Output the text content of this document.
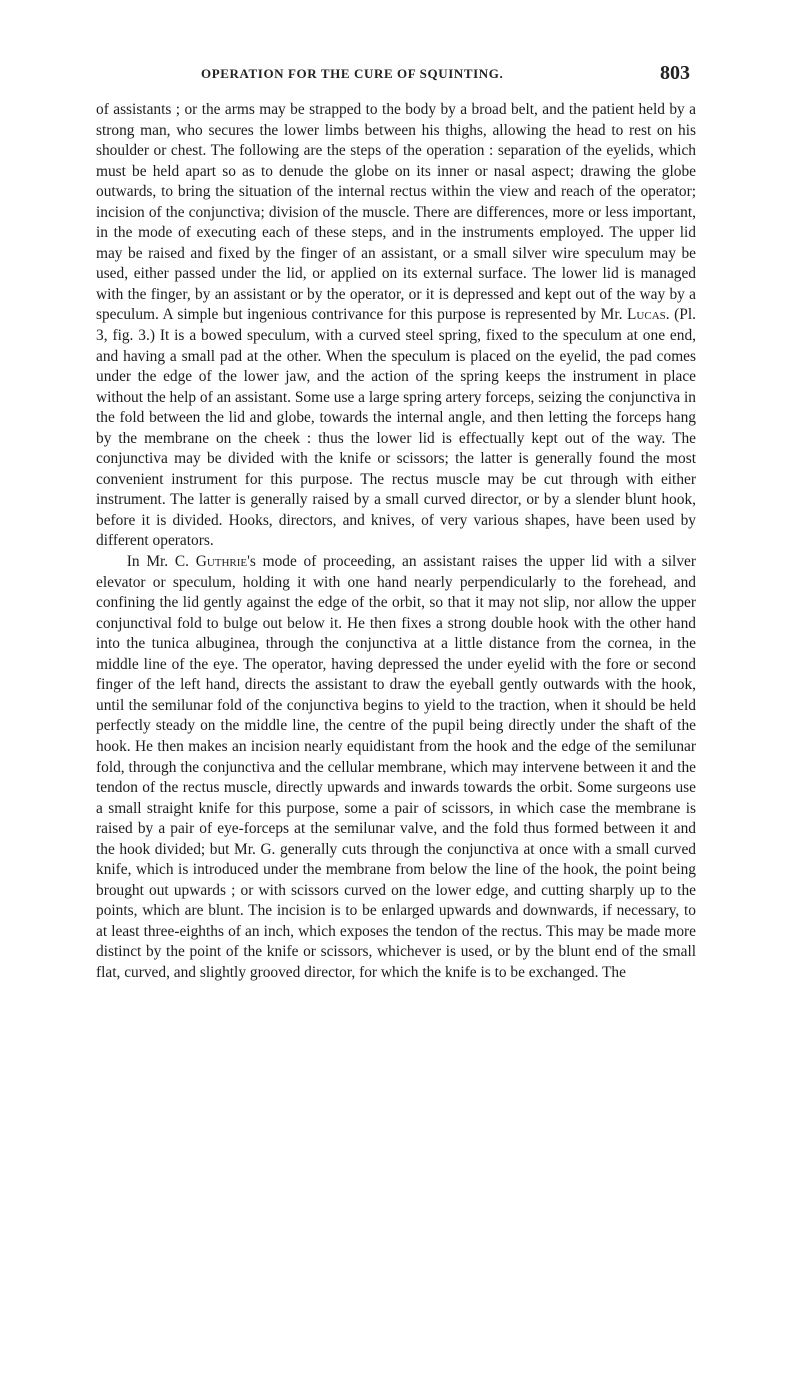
OPERATION FOR THE CURE OF SQUINTING.	803

of assistants ; or the arms may be strapped to the body by a broad belt, and the patient held by a strong man, who secures the lower limbs between his thighs, allowing the head to rest on his shoulder or chest. The following are the steps of the operation : separation of the eyelids, which must be held apart so as to denude the globe on its inner or nasal aspect; drawing the globe outwards, to bring the situation of the internal rectus within the view and reach of the operator; incision of the conjunctiva; division of the muscle. There are differences, more or less important, in the mode of executing each of these steps, and in the instruments employed. The upper lid may be raised and fixed by the finger of an assistant, or a small silver wire speculum may be used, either passed under the lid, or applied on its external surface. The lower lid is managed with the finger, by an assistant or by the operator, or it is depressed and kept out of the way by a speculum. A simple but ingenious contrivance for this purpose is represented by Mr. Lucas. (Pl. 3, fig. 3.) It is a bowed speculum, with a curved steel spring, fixed to the speculum at one end, and having a small pad at the other. When the speculum is placed on the eyelid, the pad comes under the edge of the lower jaw, and the action of the spring keeps the instrument in place without the help of an assistant. Some use a large spring artery forceps, seizing the conjunctiva in the fold between the lid and globe, towards the internal angle, and then letting the forceps hang by the membrane on the cheek : thus the lower lid is effectually kept out of the way. The conjunctiva may be divided with the knife or scissors; the latter is generally found the most convenient instrument for this purpose. The rectus muscle may be cut through with either instrument. The latter is generally raised by a small curved director, or by a slender blunt hook, before it is divided. Hooks, directors, and knives, of very various shapes, have been used by different operators.

In Mr. C. Guthrie's mode of proceeding, an assistant raises the upper lid with a silver elevator or speculum, holding it with one hand nearly perpendicularly to the forehead, and confining the lid gently against the edge of the orbit, so that it may not slip, nor allow the upper conjunctival fold to bulge out below it. He then fixes a strong double hook with the other hand into the tunica albuginea, through the conjunctiva at a little distance from the cornea, in the middle line of the eye. The operator, having depressed the under eyelid with the fore or second finger of the left hand, directs the assistant to draw the eyeball gently outwards with the hook, until the semilunar fold of the conjunctiva begins to yield to the traction, when it should be held perfectly steady on the middle line, the centre of the pupil being directly under the shaft of the hook. He then makes an incision nearly equidistant from the hook and the edge of the semilunar fold, through the conjunctiva and the cellular membrane, which may intervene between it and the tendon of the rectus muscle, directly upwards and inwards towards the orbit. Some surgeons use a small straight knife for this purpose, some a pair of scissors, in which case the membrane is raised by a pair of eye-forceps at the semilunar valve, and the fold thus formed between it and the hook divided; but Mr. G. generally cuts through the conjunctiva at once with a small curved knife, which is introduced under the membrane from below the line of the hook, the point being brought out upwards ; or with scissors curved on the lower edge, and cutting sharply up to the points, which are blunt. The incision is to be enlarged upwards and downwards, if necessary, to at least three-eighths of an inch, which exposes the tendon of the rectus. This may be made more distinct by the point of the knife or scissors, whichever is used, or by the blunt end of the small flat, curved, and slightly grooved director, for which the knife is to be exchanged. The
